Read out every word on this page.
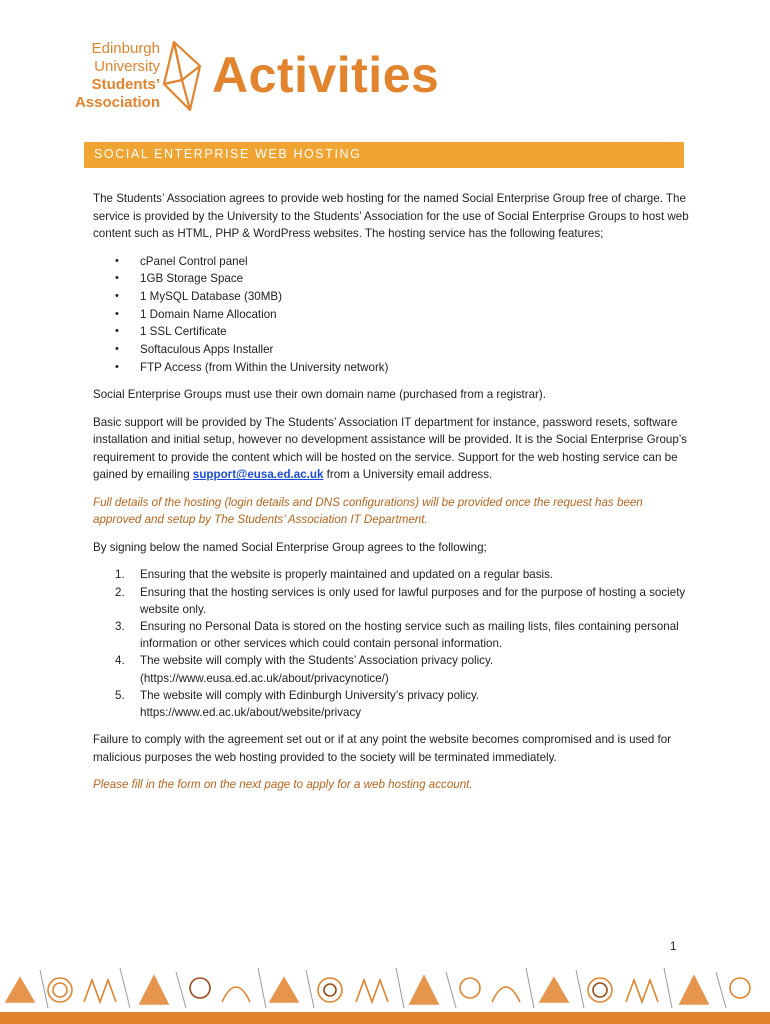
Edinburgh
University
Students’
Association Activities
SOCIAL ENTERPRISE WEB HOSTING

The Students’ Association agrees to provide web hosting for the named Social Enterprise Group free of charge. The service is provided by the University to the Students’ Association for the use of Social Enterprise Groups to host web content such as HTML, PHP & WordPress websites. The hosting service has the following features;

• cPanel Control panel
• 1GB Storage Space
• 1 MySQL Database (30MB)
• 1 Domain Name Allocation
• 1 SSL Certificate
• Softaculous Apps Installer
• FTP Access (from Within the University network)

Social Enterprise Groups must use their own domain name (purchased from a registrar).

Basic support will be provided by The Students’ Association IT department for instance, password resets, software installation and initial setup, however no development assistance will be provided. It is the Social Enterprise Group’s requirement to provide the content which will be hosted on the service. Support for the web hosting service can be gained by emailing support@eusa.ed.ac.uk from a University email address.

Full details of the hosting (login details and DNS configurations) will be provided once the request has been approved and setup by The Students’ Association IT Department.

By signing below the named Social Enterprise Group agrees to the following;

1. Ensuring that the website is properly maintained and updated on a regular basis.
2. Ensuring that the hosting services is only used for lawful purposes and for the purpose of hosting a society website only.
3. Ensuring no Personal Data is stored on the hosting service such as mailing lists, files containing personal information or other services which could contain personal information.
4. The website will comply with the Students’ Association privacy policy. (https://www.eusa.ed.ac.uk/about/privacynotice/)
5. The website will comply with Edinburgh University’s privacy policy. https://www.ed.ac.uk/about/website/privacy

Failure to comply with the agreement set out or if at any point the website becomes compromised and is used for malicious purposes the web hosting provided to the society will be terminated immediately.

Please fill in the form on the next page to apply for a web hosting account.

1
